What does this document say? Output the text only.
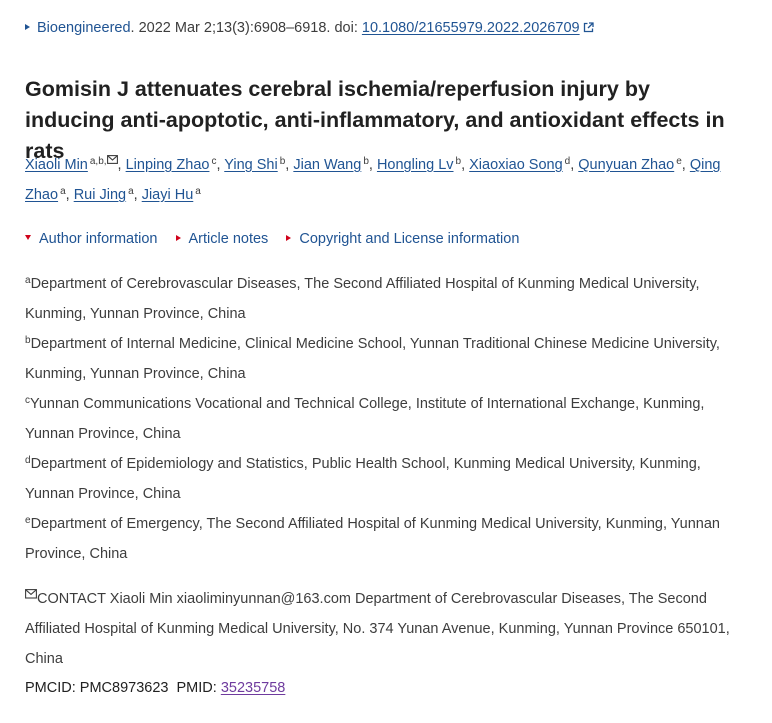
Bioengineered. 2022 Mar 2;13(3):6908–6918. doi: 10.1080/21655979.2022.2026709
Gomisin J attenuates cerebral ischemia/reperfusion injury by inducing anti-apoptotic, anti-inflammatory, and antioxidant effects in rats
Xiaoli Min $^{a,b,}$ , Linping Zhao $^c$, Ying Shi $^b$, Jian Wang $^b$, Hongling Lv $^b$, Xiaoxiao Song $^d$, Qunyuan Zhao $^e$, Qing Zhao $^a$, Rui Jing $^a$, Jiayi Hu $^a$
Author information Article notes Copyright and License information

$^a$Department of Cerebrovascular Diseases, The Second Affiliated Hospital of Kunming Medical University, Kunming, Yunnan Province, China

$^b$Department of Internal Medicine, Clinical Medicine School, Yunnan Traditional Chinese Medicine University, Kunming, Yunnan Province, China

$^c$Yunnan Communications Vocational and Technical College, Institute of International Exchange, Kunming, Yunnan Province, China

$^d$Department of Epidemiology and Statistics, Public Health School, Kunming Medical University, Kunming, Yunnan Province, China

$^e$Department of Emergency, The Second Affiliated Hospital of Kunming Medical University, Kunming, Yunnan Province, China

CONTACT Xiaoli Min xiaoliminyunnan@163.com Department of Cerebrovascular Diseases, The Second Affiliated Hospital of Kunming Medical University, No. 374 Yunan Avenue, Kunming, Yunnan Province 650101, China

PMCID: PMC8973623 PMID: 35235758
